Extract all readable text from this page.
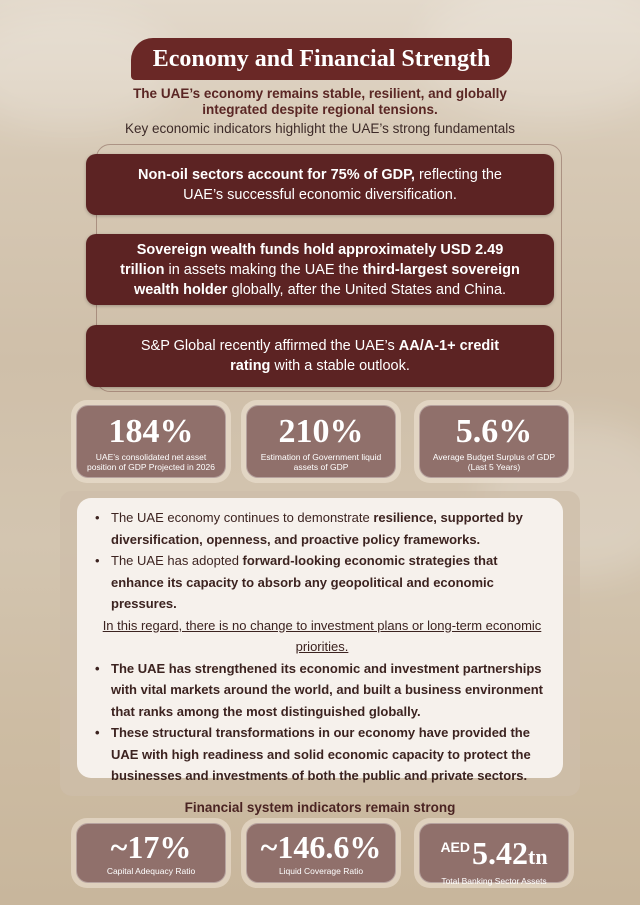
Economy and Financial Strength
The UAE’s economy remains stable, resilient, and globally integrated despite regional tensions.
Key economic indicators highlight the UAE’s strong fundamentals
Non-oil sectors account for 75% of GDP, reflecting the UAE’s successful economic diversification.
Sovereign wealth funds hold approximately USD 2.49 trillion in assets making the UAE the third-largest sovereign wealth holder globally, after the United States and China.
S&P Global recently affirmed the UAE’s AA/A-1+ credit rating with a stable outlook.
184%
UAE’s consolidated net asset position of GDP Projected in 2026
210%
Estimation of Government liquid assets of GDP
5.6%
Average Budget Surplus of GDP (Last 5 Years)
• The UAE economy continues to demonstrate resilience, supported by diversification, openness, and proactive policy frameworks.
• The UAE has adopted forward-looking economic strategies that enhance its capacity to absorb any geopolitical and economic pressures.
In this regard, there is no change to investment plans or long-term economic priorities.
• The UAE has strengthened its economic and investment partnerships with vital markets around the world, and built a business environment that ranks among the most distinguished globally.
• These structural transformations in our economy have provided the UAE with high readiness and solid economic capacity to protect the businesses and investments of both the public and private sectors.
Financial system indicators remain strong
~17%
Capital Adequacy Ratio
~146.6%
Liquid Coverage Ratio
$^{AED}$5.42tn
Total Banking Sector Assets
